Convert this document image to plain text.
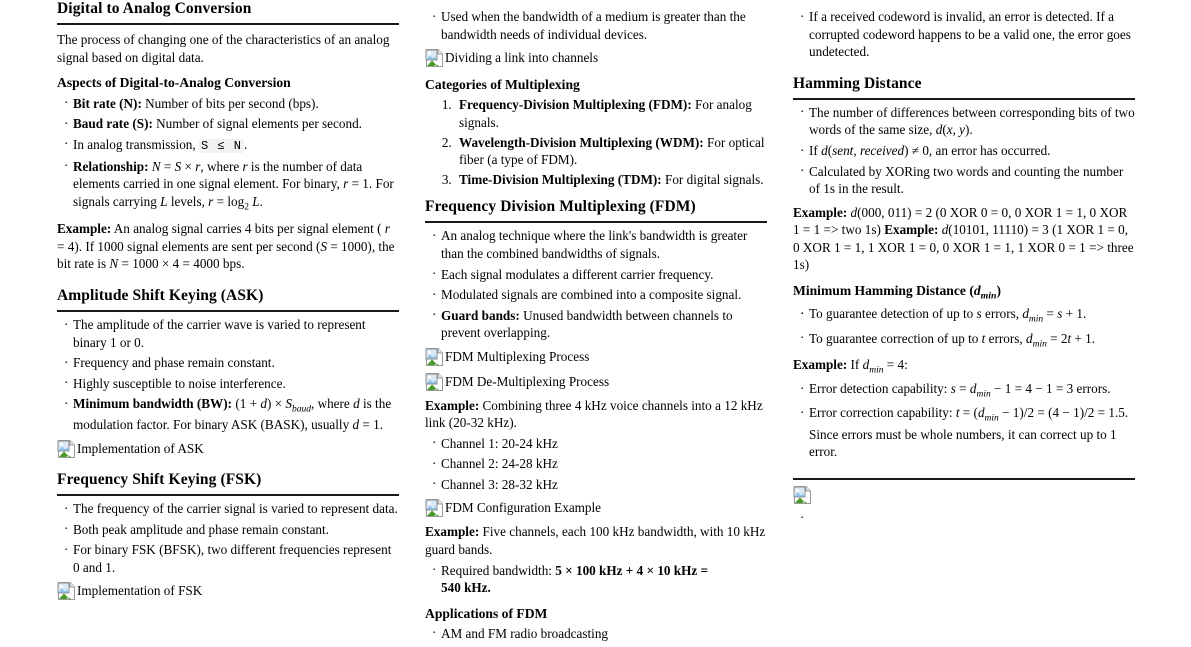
Digital to Analog Conversion

The process of changing one of the characteristics of an analog signal based on digital data.

Aspects of Digital-to-Analog Conversion
· Bit rate (N): Number of bits per second (bps).
· Baud rate (S): Number of signal elements per second.
· In analog transmission, S ≤ N .
· Relationship: N = S × r, where r is the number of data elements carried in one signal element. For binary, r = 1. For signals carrying L levels, $r = \log_2 L$.

Example: An analog signal carries 4 bits per signal element ( r = 4). If 1000 signal elements are sent per second (S = 1000), the bit rate is N = 1000 × 4 = 4000 bps.

Amplitude Shift Keying (ASK)
· The amplitude of the carrier wave is varied to represent binary 1 or 0.
· Frequency and phase remain constant.
· Highly susceptible to noise interference.
· Minimum bandwidth (BW): $(1 + d) \times S_{baud}$, where d is the modulation factor. For binary ASK (BASK), usually d = 1.
Implementation of ASK
Frequency Shift Keying (FSK)
· The frequency of the carrier signal is varied to represent data.
· Both peak amplitude and phase remain constant.
· For binary FSK (BFSK), two different frequencies represent 0 and 1.
Implementation of FSK
· Used when the bandwidth of a medium is greater than the bandwidth needs of individual devices.
Dividing a link into channels
Categories of Multiplexing
1. Frequency-Division Multiplexing (FDM): For analog signals.
2. Wavelength-Division Multiplexing (WDM): For optical fiber (a type of FDM).
3. Time-Division Multiplexing (TDM): For digital signals.
Frequency Division Multiplexing (FDM)
· An analog technique where the link's bandwidth is greater than the combined bandwidths of signals.
· Each signal modulates a different carrier frequency.
· Modulated signals are combined into a composite signal.
· Guard bands: Unused bandwidth between channels to prevent overlapping.
FDM Multiplexing Process
FDM De-Multiplexing Process

Example: Combining three 4 kHz voice channels into a 12 kHz link (20-32 kHz).

· Channel 1: 20-24 kHz
· Channel 2: 24-28 kHz
· Channel 3: 28-32 kHz
FDM Configuration Example

Example: Five channels, each 100 kHz bandwidth, with 10 kHz guard bands.

· Required bandwidth: 5 × 100 kHz + 4 × 10 kHz =
540 kHz.
Applications of FDM
· AM and FM radio broadcasting
· If a received codeword is invalid, an error is detected. If a corrupted codeword happens to be a valid one, the error goes undetected.
Hamming Distance
· The number of differences between corresponding bits of two words of the same size, d(x, y).
· If d(sent, received) ≠ 0, an error has occurred.
· Calculated by XORing two words and counting the number of 1s in the result.

Example: d(000, 011) = 2 (0 XOR 0 = 0, 0 XOR 1 = 1, 0 XOR 1 = 1 => two 1s) Example: d(10101, 11110) = 3 (1 XOR 1 = 0, 0 XOR 1 = 1, 1 XOR 1 = 0, 0 XOR 1 = 1, 1 XOR 0 = 1 => three 1s)

Minimum Hamming Distance $(d_{min})$
· To guarantee detection of up to s errors, $d_{min} = s + 1$.
· To guarantee correction of up to t errors, $d_{min} = 2t + 1$.

Example: If $d_{min} = 4$:

· Error detection capability: $s = d_{min} - 1 = 4 - 1 = 3$ errors.
· Error correction capability: $t = (d_{min} - 1)/2 = (4 - 1)/2 = 1.5$. Since errors must be whole numbers, it can correct up to 1 error.
